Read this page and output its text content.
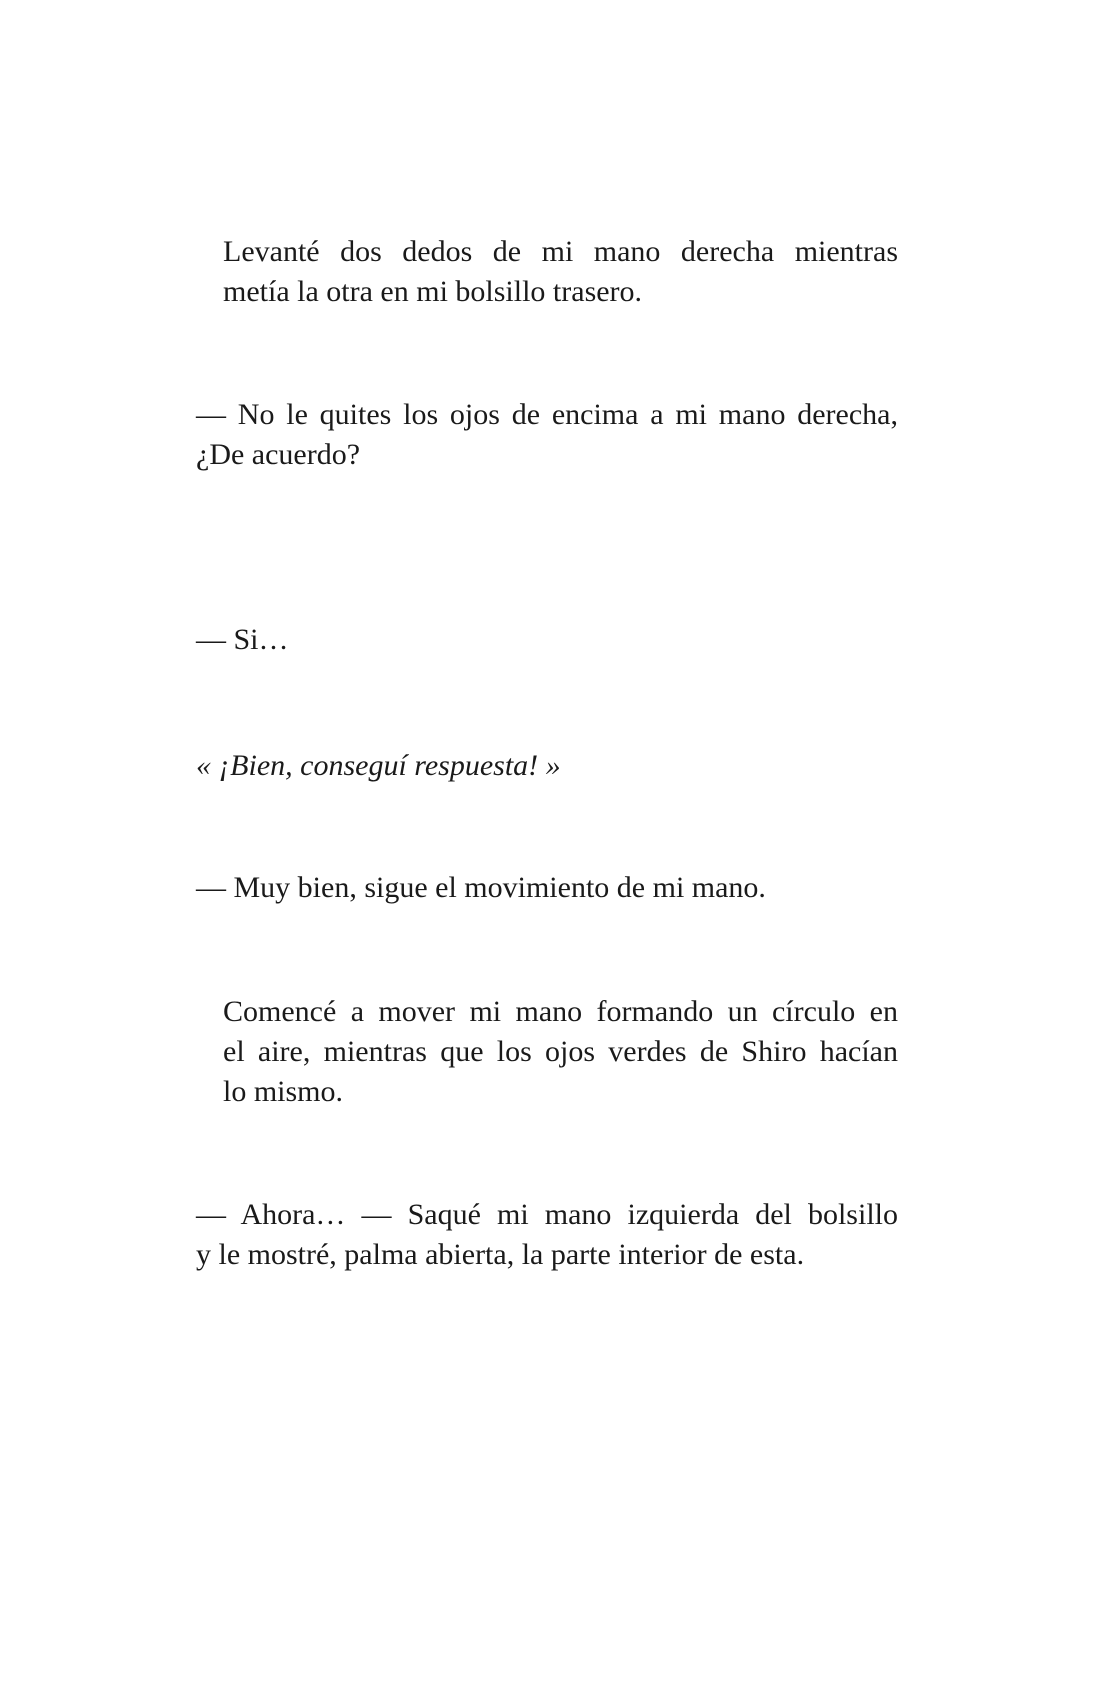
Levanté dos dedos de mi mano derecha mientras
metía la otra en mi bolsillo trasero.

— No le quites los ojos de encima a mi mano derecha,
¿De acuerdo?

— Si…

« ¡Bien, conseguí respuesta! »

— Muy bien, sigue el movimiento de mi mano.

Comencé a mover mi mano formando un círculo en
el aire, mientras que los ojos verdes de Shiro hacían
lo mismo.

— Ahora… — Saqué mi mano izquierda del bolsillo
y le mostré, palma abierta, la parte interior de esta.
